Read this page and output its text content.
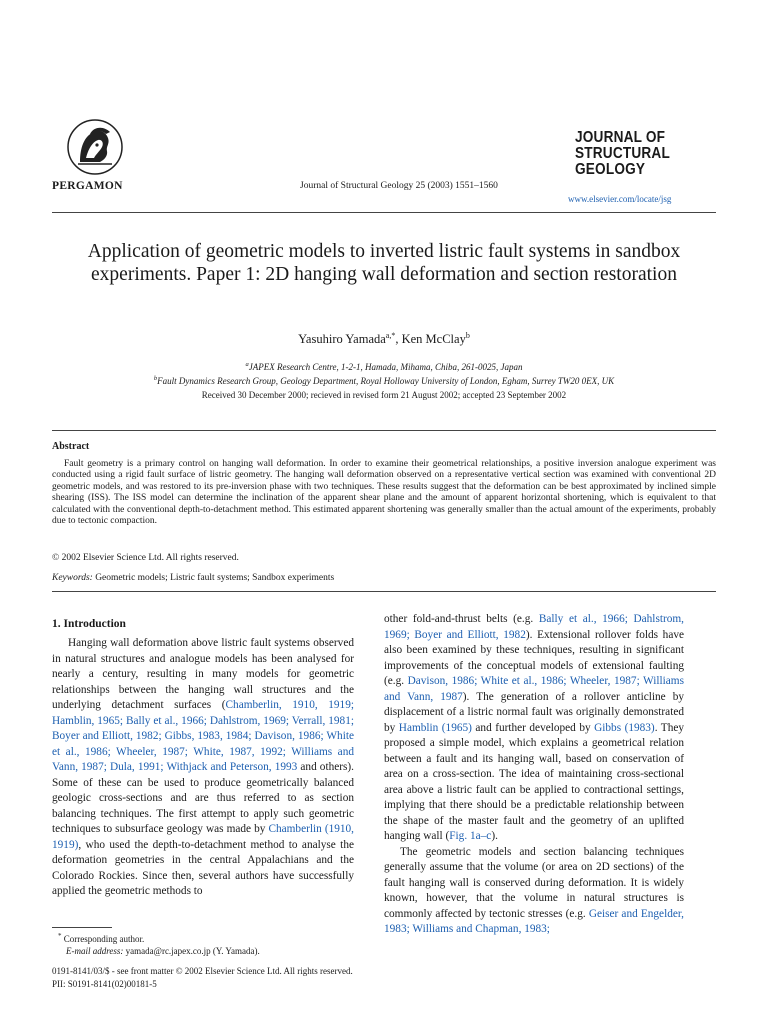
PERGAMON	Journal of Structural Geology 25 (2003) 1551–1560
JOURNAL OF
STRUCTURAL
GEOLOGY
www.elsevier.com/locate/jsg
Application of geometric models to inverted listric fault systems in sandbox experiments. Paper 1: 2D hanging wall deformation and section restoration
Yasuhiro Yamada$^{a,*}$, Ken McClay$^b$
$^a$JAPEX Research Centre, 1-2-1, Hamada, Mihama, Chiba, 261-0025, Japan
$^b$Fault Dynamics Research Group, Geology Department, Royal Holloway University of London, Egham, Surrey TW20 0EX, UK
Received 30 December 2000; recieved in revised form 21 August 2002; accepted 23 September 2002
Abstract
Fault geometry is a primary control on hanging wall deformation. In order to examine their geometrical relationships, a positive inversion analogue experiment was conducted using a rigid fault surface of listric geometry. The hanging wall deformation observed on a representative vertical section was examined with conventional 2D geometric models, and was restored to its pre-inversion phase with two techniques. These results suggest that the deformation can be best approximated by inclined simple shearing (ISS). The ISS model can determine the inclination of the apparent shear plane and the amount of apparent horizontal shortening, which is equivalent to that calculated with the conventional depth-to-detachment method. This estimated apparent shortening was generally smaller than the actual amount of the experiments, probably due to tectonic compaction.
© 2002 Elsevier Science Ltd. All rights reserved.
Keywords: Geometric models; Listric fault systems; Sandbox experiments
1. Introduction

Hanging wall deformation above listric fault systems observed in natural structures and analogue models has been analysed for nearly a century, resulting in many models for geometric relationships between the hanging wall structures and the underlying detachment surfaces (Chamberlin, 1910, 1919; Hamblin, 1965; Bally et al., 1966; Dahlstrom, 1969; Verrall, 1981; Boyer and Elliott, 1982; Gibbs, 1983, 1984; Davison, 1986; White et al., 1986; Wheeler, 1987; White, 1987, 1992; Williams and Vann, 1987; Dula, 1991; Withjack and Peterson, 1993 and others). Some of these can be used to produce geometrically balanced geologic cross-sections and are thus referred to as section balancing techniques. The first attempt to apply such geometric techniques to subsurface geology was made by Chamberlin (1910, 1919), who used the depth-to-detachment method to analyse the deformation geometries in the central Appalachians and the Colorado Rockies. Since then, several authors have successfully applied the geometric methods to

other fold-and-thrust belts (e.g. Bally et al., 1966; Dahlstrom, 1969; Boyer and Elliott, 1982). Extensional rollover folds have also been examined by these techniques, resulting in significant improvements of the conceptual models of extensional faulting (e.g. Davison, 1986; White et al., 1986; Wheeler, 1987; Williams and Vann, 1987). The generation of a rollover anticline by displacement of a listric normal fault was originally demonstrated by Hamblin (1965) and further developed by Gibbs (1983). They proposed a simple model, which explains a geometrical relation between a fault and its hanging wall, based on conservation of area on a cross-section. The idea of maintaining cross-sectional area above a listric fault can be applied to contractional settings, implying that there should be a predictable relationship between the shape of the master fault and the geometry of an uplifted hanging wall (Fig. 1a–c).

The geometric models and section balancing techniques generally assume that the volume (or area on 2D sections) of the fault hanging wall is conserved during deformation. It is widely known, however, that the volume in natural structures is commonly affected by tectonic stresses (e.g. Geiser and Engelder, 1983; Williams and Chapman, 1983;

* Corresponding author.
E-mail address: yamada@rc.japex.co.jp (Y. Yamada).
0191-8141/03/$ - see front matter © 2002 Elsevier Science Ltd. All rights reserved.
PII: S0191-8141(02)00181-5
